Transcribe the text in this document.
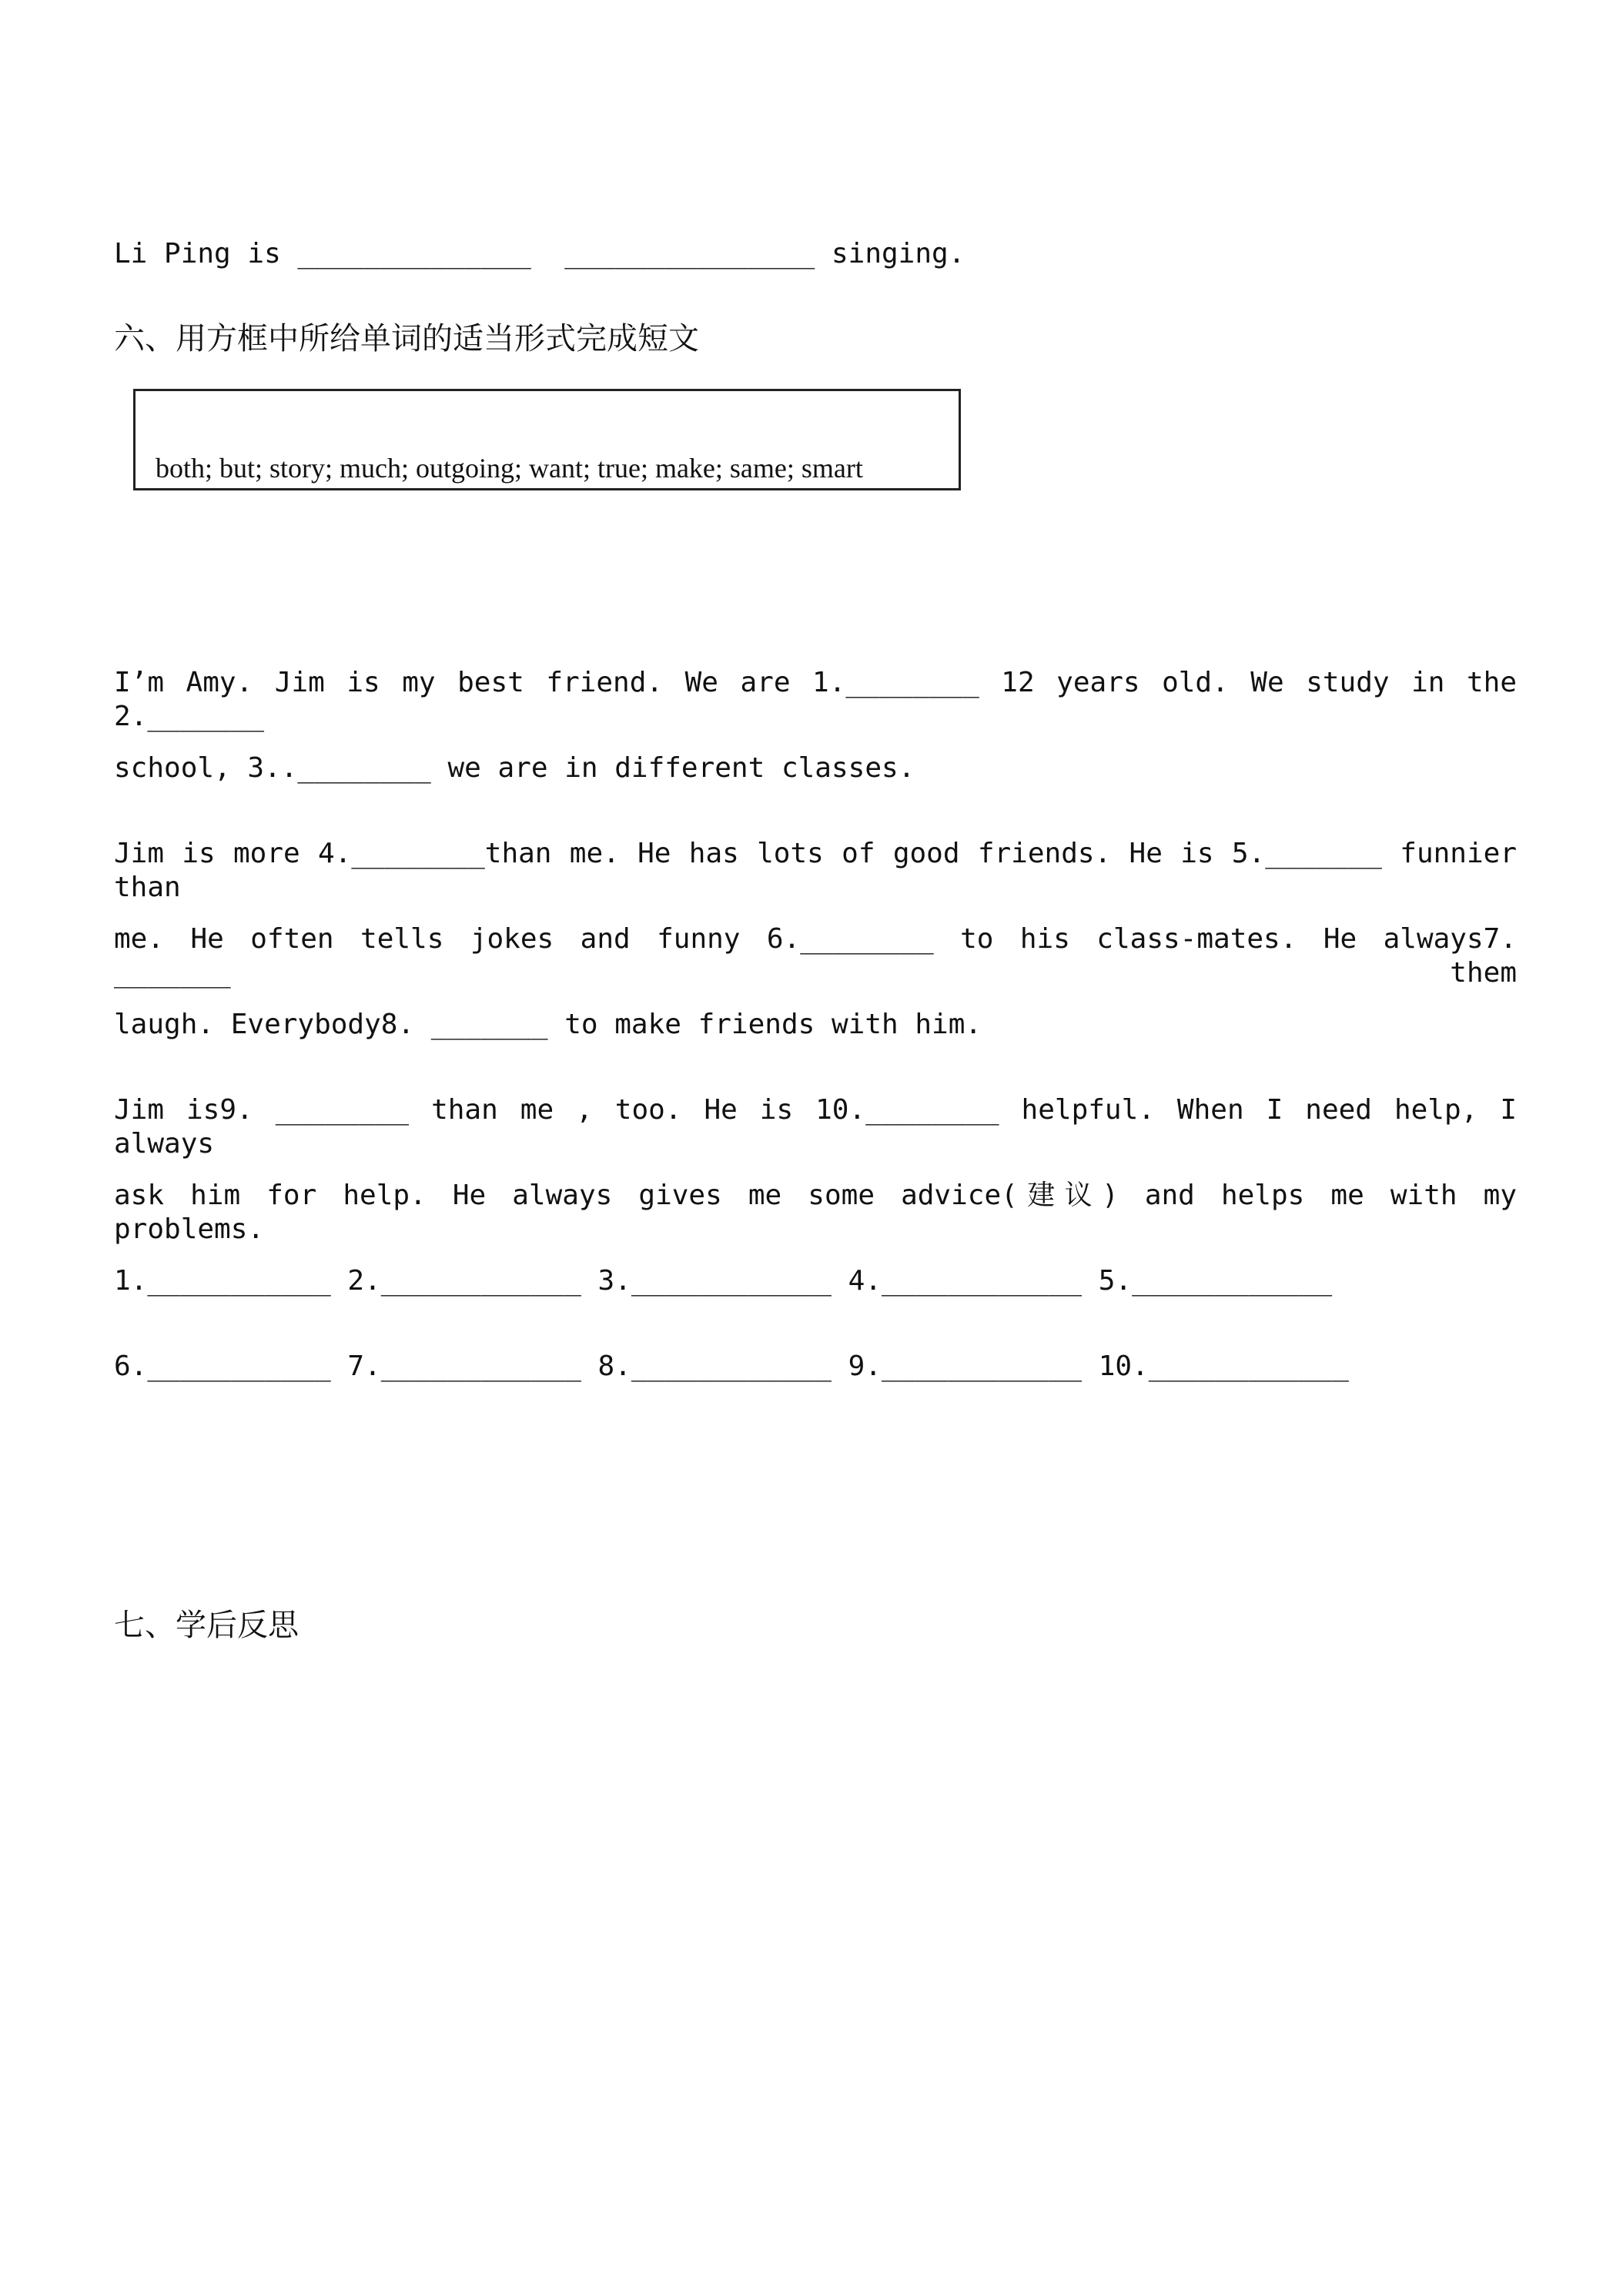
Li Ping is ______________  _______________ singing.
六、用方框中所给单词的适当形式完成短文
both; but; story; much; outgoing; want; true; make; same; smart
I’m Amy. Jim is my best friend. We are 1.________ 12 years old. We study in the 2._______
school, 3..________ we are in different classes.
Jim is more 4.________than me. He has lots of good friends. He is 5._______ funnier than
me. He often tells jokes and funny 6.________ to his class-mates. He always7. _______ them
laugh. Everybody8. _______ to make friends with him.
Jim is9. ________ than me , too. He is 10.________ helpful. When I need help, I always
ask him for help. He always gives me some advice(建议) and helps me with my problems.
1.___________ 2.____________ 3.____________ 4.____________ 5.____________
6.___________ 7.____________ 8.____________ 9.____________ 10.____________
七、学后反思
